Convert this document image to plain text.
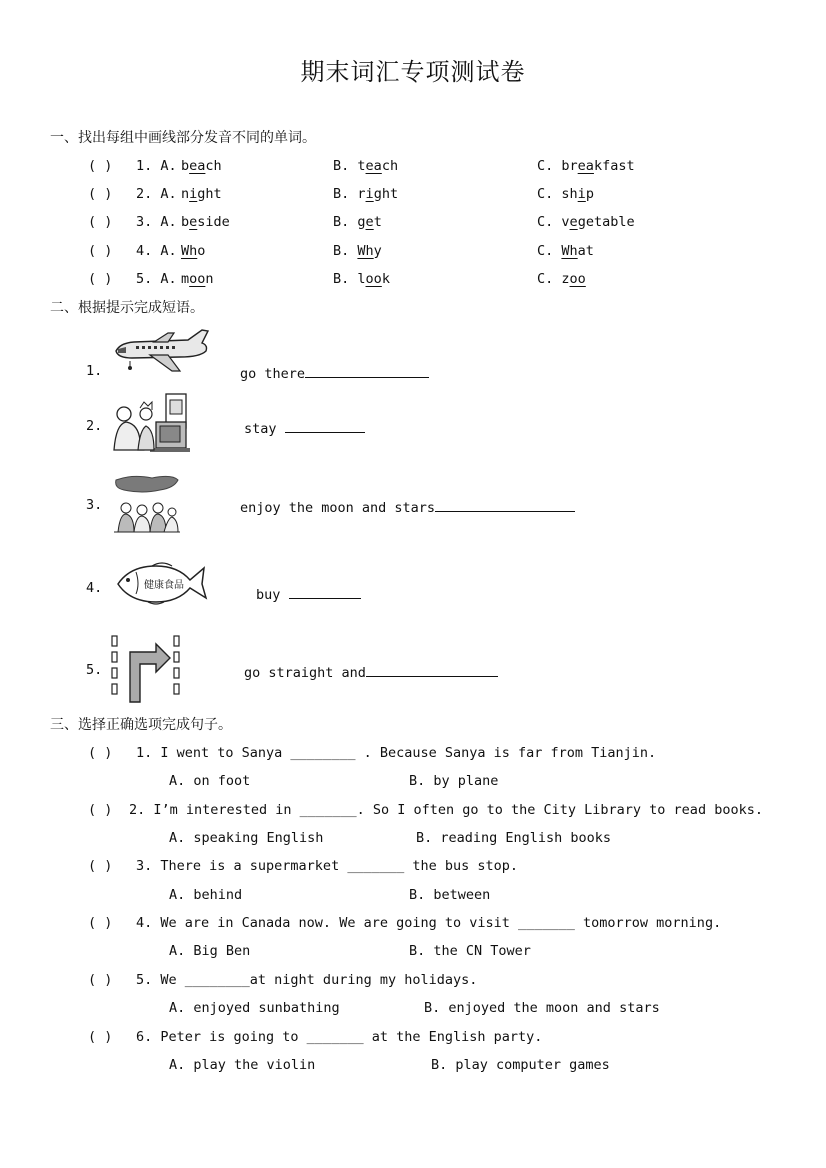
期末词汇专项测试卷
一、找出每组中画线部分发音不同的单词。
( ) 1. A. beach	B. teach	C. breakfast
( ) 2. A. night	B. right	C. ship
( ) 3. A. beside	B. get	C. vegetable
( ) 4. A. Who	B. Why	C. What
( ) 5. A. moon	B. look	C. zoo
二、根据提示完成短语。
1.	go there
2.	stay
3.	enjoy the moon and stars
4.	健康食品
buy
5.	go straight and
三、选择正确选项完成句子。
( ) 1. I went to Sanya ________ . Because Sanya is far from Tianjin.
A. on foot	B. by plane
( ) 2. I’m interested in _______. So I often go to the City Library to read books.
A. speaking English	B. reading English books
( ) 3. There is a supermarket _______ the bus stop.
A. behind	B. between
( ) 4. We are in Canada now. We are going to visit _______ tomorrow morning.
A. Big Ben	B. the CN Tower
( ) 5. We ________at night during my holidays.
A. enjoyed sunbathing	B. enjoyed the moon and stars
( ) 6. Peter is going to _______ at the English party.
A. play the violin	B. play computer games
